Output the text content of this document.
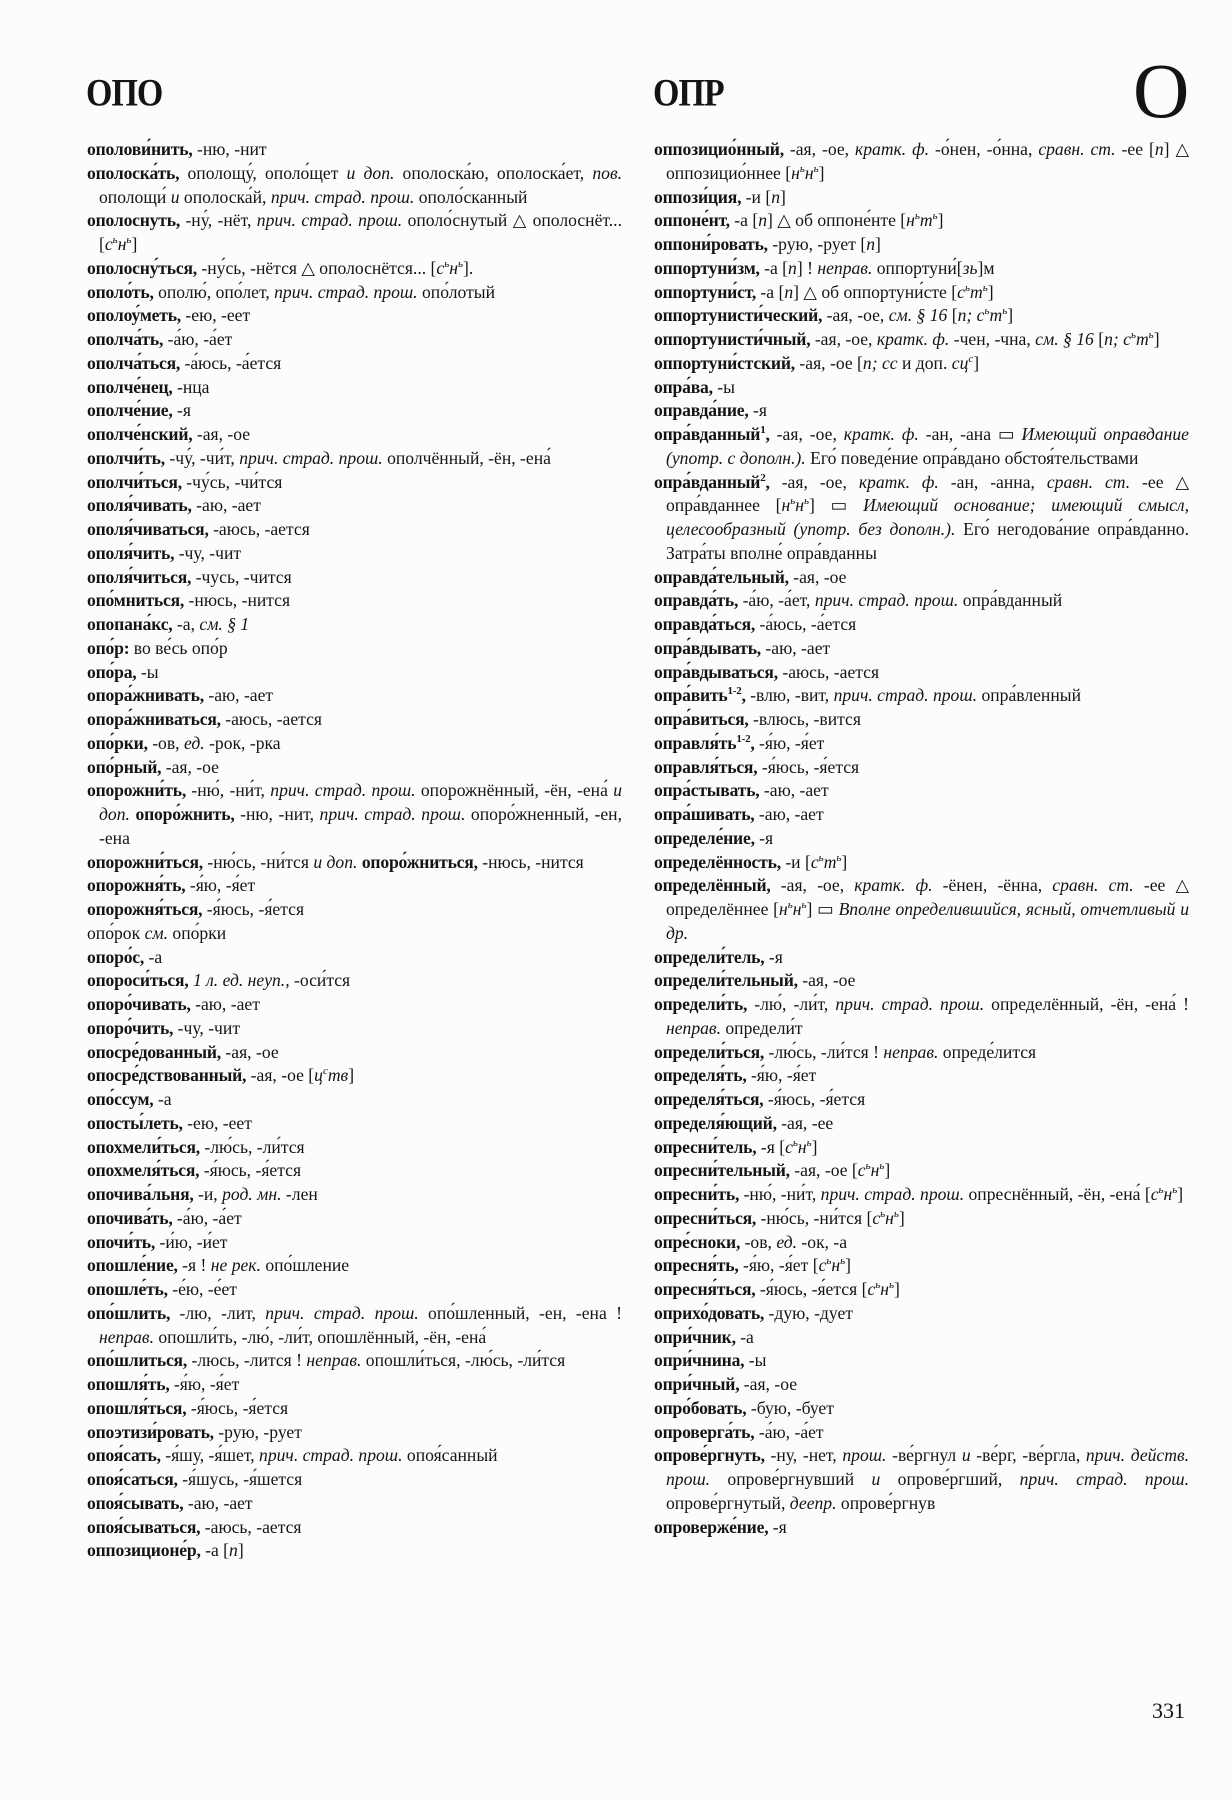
ОПО	ОПР	О

ополови́нить, -ню, -нит

ополоска́ть, ополощу́, ополо́щет и доп. ополоска́ю, ополоска́ет, пов. ополощи́ и ополоска́й, прич. страд. прош. ополо́сканный

ополоснуть, -ну́, -нёт, прич. страд. прош. ополо́снутый △ ополоснёт... $[с^ьн^ь]$

ополосну́ться, -ну́сь, -нётся △ ополоснётся... $[с^ьн^ь]$.

ополо́ть, ополю́, опо́лет, прич. страд. прош. опо́лотый

ополоу́меть, -ею, -еет

ополча́ть, -а́ю, -а́ет

ополча́ться, -а́юсь, -а́ется

ополче́нец, -нца

ополче́ние, -я

ополче́нский, -ая, -ое

ополчи́ть, -чу́, -чи́т, прич. страд. прош. ополчённый, -ён, -ена́

ополчи́ться, -чу́сь, -чи́тся

ополя́чивать, -аю, -ает

ополя́чиваться, -аюсь, -ается

ополя́чить, -чу, -чит

ополя́читься, -чусь, -чится

опо́мниться, -нюсь, -нится

опопана́кс, -а, см. § 1

опо́р: во ве́сь опо́р

опо́ра, -ы

опора́жнивать, -аю, -ает

опора́жниваться, -аюсь, -ается

опо́рки, -ов, ед. -рок, -рка

опо́рный, -ая, -ое

опорожни́ть, -ню́, -ни́т, прич. страд. прош. опорожнённый, -ён, -ена́ и доп. опоро́жнить, -ню, -нит, прич. страд. прош. опоро́жненный, -ен, -ена

опорожни́ться, -ню́сь, -ни́тся и доп. опоро́жниться, -нюсь, -нится

опорожня́ть, -я́ю, -я́ет

опорожня́ться, -я́юсь, -я́ется

опо́рок см. опо́рки

опоро́с, -а

опороси́ться, 1 л. ед. неуп., -оси́тся

опоро́чивать, -аю, -ает

опоро́чить, -чу, -чит

опосре́дованный, -ая, -ое

опосре́дствованный, -ая, -ое $[ц^ств]$

опо́ссум, -а

опосты́леть, -ею, -еет

опохмели́ться, -лю́сь, -ли́тся

опохмеля́ться, -я́юсь, -я́ется

опочива́льня, -и, род. мн. -лен

опочива́ть, -а́ю, -а́ет

опочи́ть, -и́ю, -и́ет

опошле́ние, -я ! не рек. опо́шление

опошле́ть, -е́ю, -е́ет

опо́шлить, -лю, -лит, прич. страд. прош. опо́шленный, -ен, -ена ! неправ. опошли́ть, -лю́, -ли́т, опошлённый, -ён, -ена́

опо́шлиться, -люсь, -лится ! неправ. опошли́ться, -лю́сь, -ли́тся

опошля́ть, -я́ю, -я́ет

опошля́ться, -я́юсь, -я́ется

опоэтизи́ровать, -рую, -рует

опоя́сать, -я́шу, -я́шет, прич. страд. прош. опоя́санный

опоя́саться, -я́шусь, -я́шется

опоя́сывать, -аю, -ает

опоя́сываться, -аюсь, -ается

оппозиционе́р, -а [п]

оппозицио́нный, -ая, -ое, кратк. ф. -о́нен, -о́нна, сравн. ст. -ее [п] △ оппозицио́ннее $[н^ьн^ь]$

оппози́ция, -и [п]

оппоне́нт, -а [п] △ об оппоне́нте $[н^ьт^ь]$

оппони́ровать, -рую, -рует [п]

оппортуни́зм, -а [п] ! неправ. оппортуни́[зь]м

оппортуни́ст, -а [п] △ об оппортуни́сте $[с^ьт^ь]$

оппортунисти́ческий, -ая, -ое, см. § 16 [п; $с^ьт^ь$]

оппортунисти́чный, -ая, -ое, кратк. ф. -чен, -чна, см. § 16 [п; $с^ьт^ь$]

оппортуни́стский, -ая, -ое [п; сс и доп. $сц^с$]

опра́ва, -ы

оправда́ние, -я

опра́вданный$^1$, -ая, -ое, кратк. ф. -ан, -ана ▭ Имеющий оправдание (употр. с дополн.). Его́ поведе́ние опра́вдано обстоя́тельствами

опра́вданный$^2$, -ая, -ое, кратк. ф. -ан, -анна, сравн. ст. -ее △ опра́вданнее $[н^ьн^ь]$ ▭ Имеющий основание; имеющий смысл, целесообразный (употр. без дополн.). Его́ негодова́ние опра́вданно. Затра́ты вполне́ опра́вданны

оправда́тельный, -ая, -ое

оправда́ть, -а́ю, -а́ет, прич. страд. прош. опра́вданный

оправда́ться, -а́юсь, -а́ется

опра́вдывать, -аю, -ает

опра́вдываться, -аюсь, -ается

опра́вить$^{1-2}$, -влю, -вит, прич. страд. прош. опра́вленный

опра́виться, -влюсь, -вится

$оправля́ть^{1-2}$, -я́ю, -я́ет

оправля́ться, -я́юсь, -я́ется

опра́стывать, -аю, -ает

опра́шивать, -аю, -ает

определе́ние, -я

определённость, -и $[с^ьт^ь]$

определённый, -ая, -ое, кратк. ф. -ёнен, -ённа, сравн. ст. -ее △ определённее $[н^ьн^ь]$ ▭ Вполне определившийся, ясный, отчетливый и др.

определи́тель, -я

определи́тельный, -ая, -ое

определи́ть, -лю́, -ли́т, прич. страд. прош. определённый, -ён, -ена́ ! неправ. определи́т

определи́ться, -лю́сь, -ли́тся ! неправ. опреде́лится

определя́ть, -я́ю, -я́ет

определя́ться, -я́юсь, -я́ется

определя́ющий, -ая, -ее

опресни́тель, -я $[с^ьн^ь]$

опресни́тельный, -ая, -ое $[с^ьн^ь]$

опресни́ть, -ню́, -ни́т, прич. страд. прош. опреснённый, -ён, -ена́ $[с^ьн^ь]$

опресни́ться, -ню́сь, -ни́тся $[с^ьн^ь]$

опре́сноки, -ов, ед. -ок, -а

опресня́ть, -я́ю, -я́ет $[с^ьн^ь]$

опресня́ться, -я́юсь, -я́ется $[с^ьн^ь]$

оприхо́довать, -дую, -дует

опри́чник, -а

опри́чнина, -ы

опри́чный, -ая, -ое

опро́бовать, -бую, -бует

опроверга́ть, -а́ю, -а́ет

опрове́ргнуть, -ну, -нет, прош. -ве́ргнул и -ве́рг, -ве́ргла, прич. действ. прош. опрове́ргнувший и опрове́ргший, прич. страд. прош. опрове́ргнутый, деепр. опрове́ргнув

опроверже́ние, -я

331
